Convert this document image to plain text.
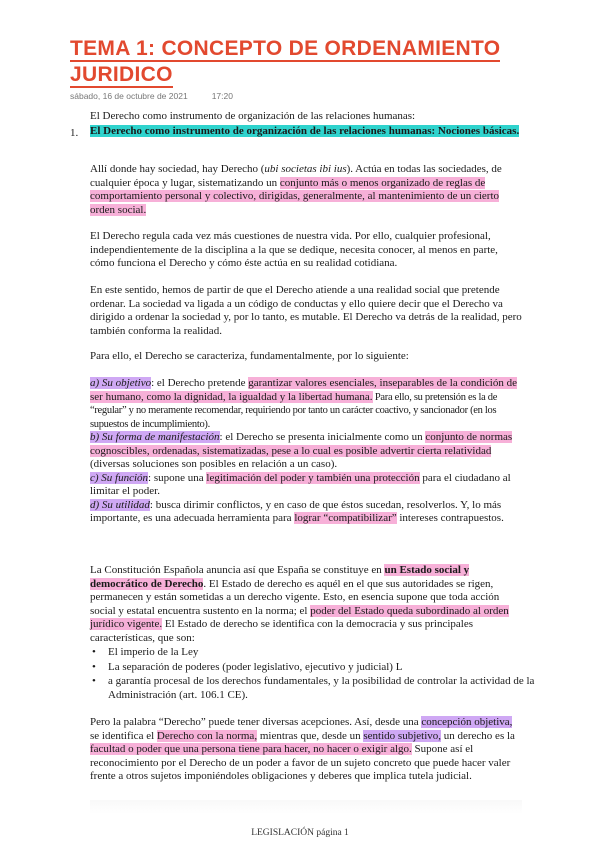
TEMA 1: CONCEPTO DE ORDENAMIENTO JURIDICO
sábado, 16 de octubre de 2021	17:20
El Derecho como instrumento de organización de las relaciones humanas:
1. El Derecho como instrumento de organización de las relaciones humanas: Nociones básicas.
Allí donde hay sociedad, hay Derecho (ubi societas ibi ius). Actúa en todas las sociedades, de cualquier época y lugar, sistematizando un conjunto más o menos organizado de reglas de comportamiento personal y colectivo, dirigidas, generalmente, al mantenimiento de un cierto orden social.
El Derecho regula cada vez más cuestiones de nuestra vida. Por ello, cualquier profesional, independientemente de la disciplina a la que se dedique, necesita conocer, al menos en parte, cómo funciona el Derecho y cómo éste actúa en su realidad cotidiana.
En este sentido, hemos de partir de que el Derecho atiende a una realidad social que pretende ordenar. La sociedad va ligada a un código de conductas y ello quiere decir que el Derecho va dirigido a ordenar la sociedad y, por lo tanto, es mutable. El Derecho va detrás de la realidad, pero también conforma la realidad.
Para ello, el Derecho se caracteriza, fundamentalmente, por lo siguiente:
a) Su objetivo: el Derecho pretende garantizar valores esenciales, inseparables de la condición de ser humano, como la dignidad, la igualdad y la libertad humana. Para ello, su pretensión es la de “regular” y no meramente recomendar, requiriendo por tanto un carácter coactivo, y sancionador (en los supuestos de incumplimiento).
b) Su forma de manifestación: el Derecho se presenta inicialmente como un conjunto de normas cognoscibles, ordenadas, sistematizadas, pese a lo cual es posible advertir cierta relatividad (diversas soluciones son posibles en relación a un caso).
c) Su función: supone una legitimación del poder y también una protección para el ciudadano al limitar el poder.
d) Su utilidad: busca dirimir conflictos, y en caso de que éstos sucedan, resolverlos. Y, lo más importante, es una adecuada herramienta para lograr “compatibilizar” intereses contrapuestos.
La Constitución Española anuncia así que España se constituye en un Estado social y democrático de Derecho. El Estado de derecho es aquél en el que sus autoridades se rigen, permanecen y están sometidas a un derecho vigente. Esto, en esencia supone que toda acción social y estatal encuentra sustento en la norma; el poder del Estado queda subordinado al orden jurídico vigente. El Estado de derecho se identifica con la democracia y sus principales características, que son:
• El imperio de la Ley
• La separación de poderes (poder legislativo, ejecutivo y judicial) L
• a garantía procesal de los derechos fundamentales, y la posibilidad de controlar la actividad de la Administración (art. 106.1 CE).
Pero la palabra “Derecho” puede tener diversas acepciones. Así, desde una concepción objetiva, se identifica el Derecho con la norma, mientras que, desde un sentido subjetivo, un derecho es la facultad o poder que una persona tiene para hacer, no hacer o exigir algo. Supone así el reconocimiento por el Derecho de un poder a favor de un sujeto concreto que puede hacer valer frente a otros sujetos imponiéndoles obligaciones y deberes que implica tutela judicial.
LEGISLACIÓN página 1
